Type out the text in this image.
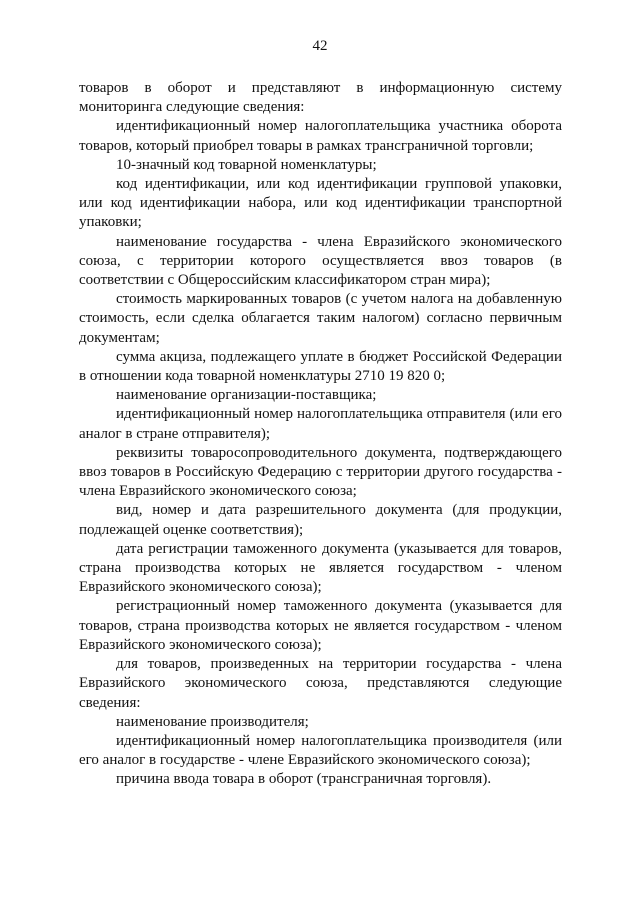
42

товаров в оборот и представляют в информационную систему мониторинга следующие сведения:

идентификационный номер налогоплательщика участника оборота товаров, который приобрел товары в рамках трансграничной торговли;

10-значный код товарной номенклатуры;

код идентификации, или код идентификации групповой упаковки, или код идентификации набора, или код идентификации транспортной упаковки;

наименование государства - члена Евразийского экономического союза, с территории которого осуществляется ввоз товаров (в соответствии с Общероссийским классификатором стран мира);

стоимость маркированных товаров (с учетом налога на добавленную стоимость, если сделка облагается таким налогом) согласно первичным документам;

сумма акциза, подлежащего уплате в бюджет Российской Федерации в отношении кода товарной номенклатуры 2710 19 820 0;

наименование организации-поставщика;

идентификационный номер налогоплательщика отправителя (или его аналог в стране отправителя);

реквизиты товаросопроводительного документа, подтверждающего ввоз товаров в Российскую Федерацию с территории другого государства - члена Евразийского экономического союза;

вид, номер и дата разрешительного документа (для продукции, подлежащей оценке соответствия);

дата регистрации таможенного документа (указывается для товаров, страна производства которых не является государством - членом Евразийского экономического союза);

регистрационный номер таможенного документа (указывается для товаров, страна производства которых не является государством - членом Евразийского экономического союза);

для товаров, произведенных на территории государства - члена Евразийского экономического союза, представляются следующие сведения:

наименование производителя;

идентификационный номер налогоплательщика производителя (или его аналог в государстве - члене Евразийского экономического союза);

причина ввода товара в оборот (трансграничная торговля).
